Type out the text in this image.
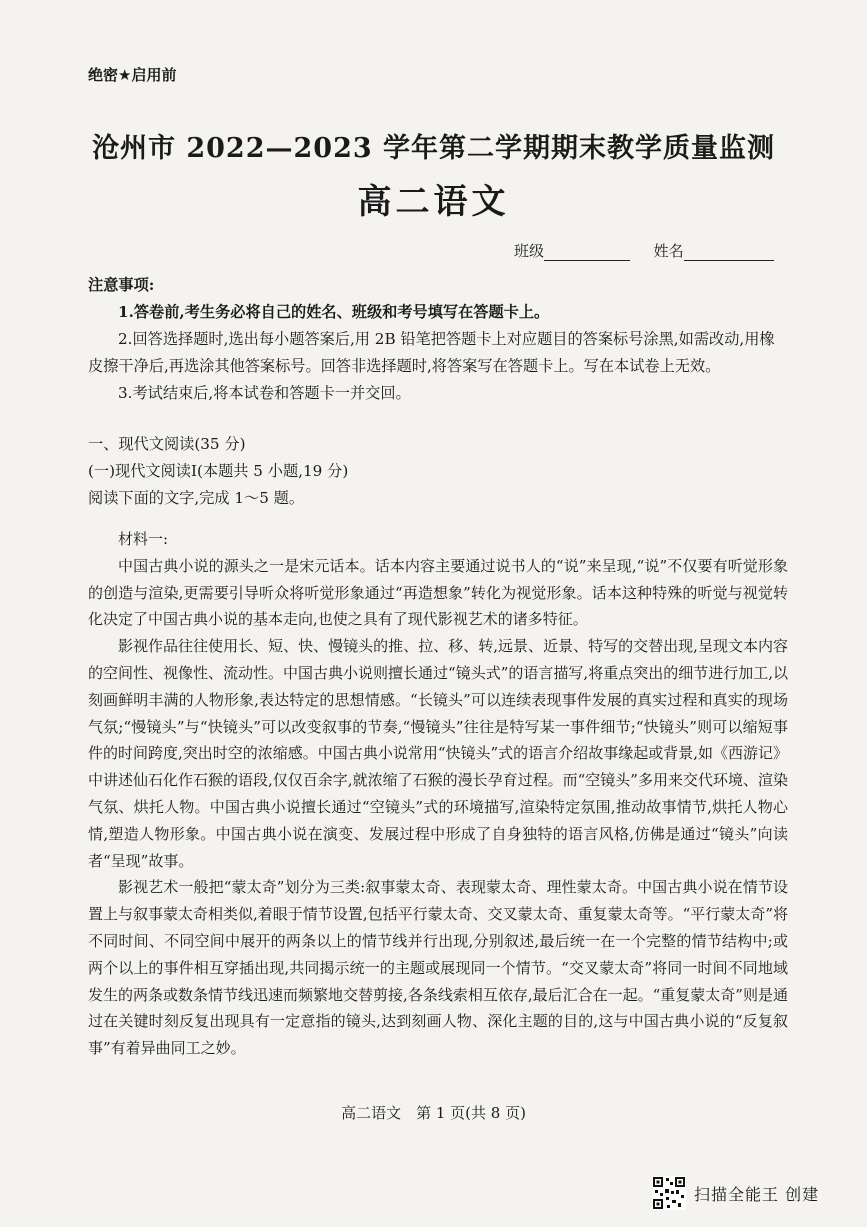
绝密★启用前
沧州市 2022—2023 学年第二学期期末教学质量监测
高二语文
班级	姓名
注意事项:

1.答卷前,考生务必将自己的姓名、班级和考号填写在答题卡上。

2.回答选择题时,选出每小题答案后,用 2B 铅笔把答题卡上对应题目的答案标号涂黑,如需改动,用橡皮擦干净后,再选涂其他答案标号。回答非选择题时,将答案写在答题卡上。写在本试卷上无效。

3.考试结束后,将本试卷和答题卡一并交回。

一、现代文阅读(35 分)
(一)现代文阅读Ⅰ(本题共 5 小题,19 分)
阅读下面的文字,完成 1～5 题。

材料一:

中国古典小说的源头之一是宋元话本。话本内容主要通过说书人的“说”来呈现,“说”不仅要有听觉形象的创造与渲染,更需要引导听众将听觉形象通过“再造想象”转化为视觉形象。话本这种特殊的听觉与视觉转化决定了中国古典小说的基本走向,也使之具有了现代影视艺术的诸多特征。

影视作品往往使用长、短、快、慢镜头的推、拉、移、转,远景、近景、特写的交替出现,呈现文本内容的空间性、视像性、流动性。中国古典小说则擅长通过“镜头式”的语言描写,将重点突出的细节进行加工,以刻画鲜明丰满的人物形象,表达特定的思想情感。“长镜头”可以连续表现事件发展的真实过程和真实的现场气氛;“慢镜头”与“快镜头”可以改变叙事的节奏,“慢镜头”往往是特写某一事件细节;“快镜头”则可以缩短事件的时间跨度,突出时空的浓缩感。中国古典小说常用“快镜头”式的语言介绍故事缘起或背景,如《西游记》中讲述仙石化作石猴的语段,仅仅百余字,就浓缩了石猴的漫长孕育过程。而“空镜头”多用来交代环境、渲染气氛、烘托人物。中国古典小说擅长通过“空镜头”式的环境描写,渲染特定氛围,推动故事情节,烘托人物心情,塑造人物形象。中国古典小说在演变、发展过程中形成了自身独特的语言风格,仿佛是通过“镜头”向读者“呈现”故事。

影视艺术一般把“蒙太奇”划分为三类:叙事蒙太奇、表现蒙太奇、理性蒙太奇。中国古典小说在情节设置上与叙事蒙太奇相类似,着眼于情节设置,包括平行蒙太奇、交叉蒙太奇、重复蒙太奇等。“平行蒙太奇”将不同时间、不同空间中展开的两条以上的情节线并行出现,分别叙述,最后统一在一个完整的情节结构中;或两个以上的事件相互穿插出现,共同揭示统一的主题或展现同一个情节。“交叉蒙太奇”将同一时间不同地域发生的两条或数条情节线迅速而频繁地交替剪接,各条线索相互依存,最后汇合在一起。“重复蒙太奇”则是通过在关键时刻反复出现具有一定意指的镜头,达到刻画人物、深化主题的目的,这与中国古典小说的“反复叙事”有着异曲同工之妙。

高二语文　第 1 页(共 8 页)
扫描全能王 创建
